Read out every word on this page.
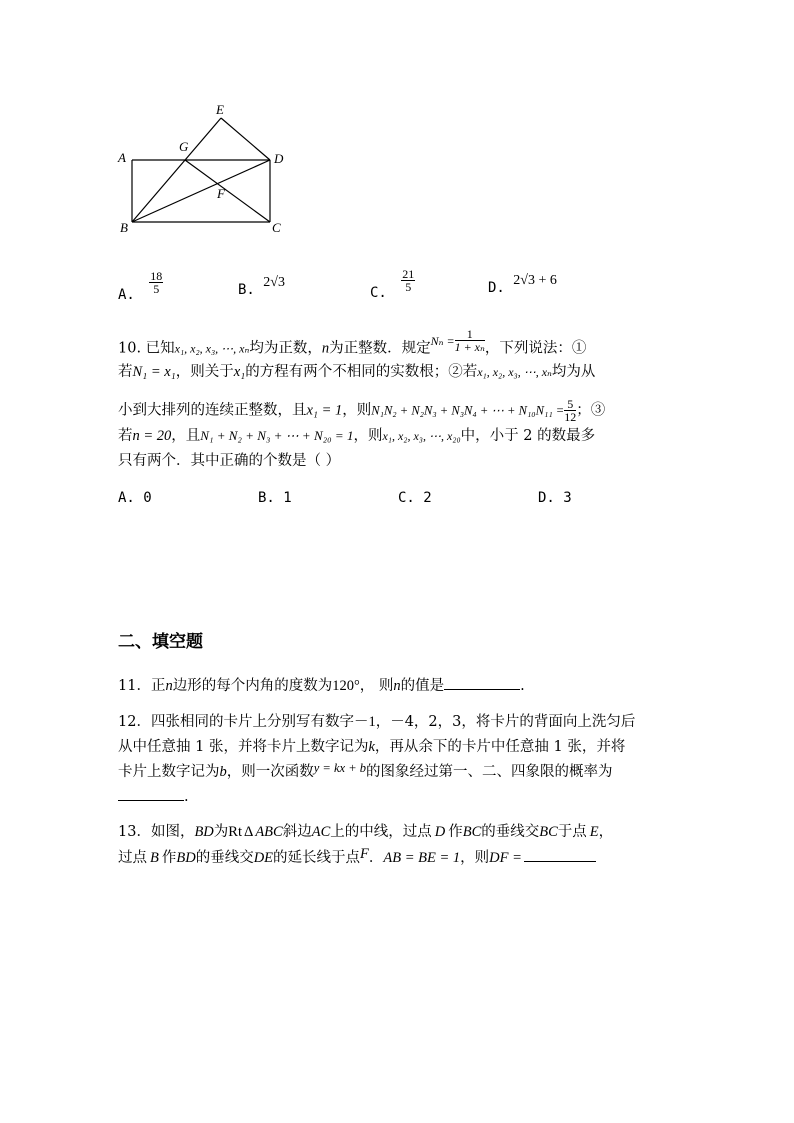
E
G
A	D
F
B	C
A. $\frac{18}{5}$	B. 2√3
C. $\frac{21}{5}$	D. 2√3 + 6
10. 已知x₁, x₂, x₃, ⋯, xₙ均为正数，n为正整数．规定$^{N_n =} \frac{1}{\text{1 + xₙ}}$ ，下列说法：①
若N₁ = x₁，则关于x₁的方程有两个不相同的实数根；②若x₁, x₂, x₃, ⋯, xₙ均为从
小到大排列的连续正整数，且x₁ = 1，则N₁N₂ + N₂N₃ + N₃N₄ + ⋯ + $N_{10}N_{11} = \frac{5}{12}$ ；③
若n = 20，且N₁ + N₂ + N₃ + ⋯ + N₂₀ = 1，则x₁, x₂, x₃, ⋯, x₂₀中，小于 2 的数最多
只有两个．其中正确的个数是（ ）
A. 0	B. 1	C. 2	D. 3
二、填空题
11．正n边形的每个内角的度数为120°， 则n的值是	.
12．四张相同的卡片上分别写有数字－1，－4，2，3，将卡片的背面向上洗匀后
从中任意抽 1 张，并将卡片上数字记为k，再从余下的卡片中任意抽 1 张，并将
卡片上数字记为b，则一次函数y = kx + b的图象经过第一、二、四象限的概率为
.
13．如图，BD为Rt Δ ABC斜边AC上的中线，过点 D 作BC的垂线交BC于点 E，
过点 B 作BD的垂线交DE的延长线于点F．AB = BE = 1，则DF =
